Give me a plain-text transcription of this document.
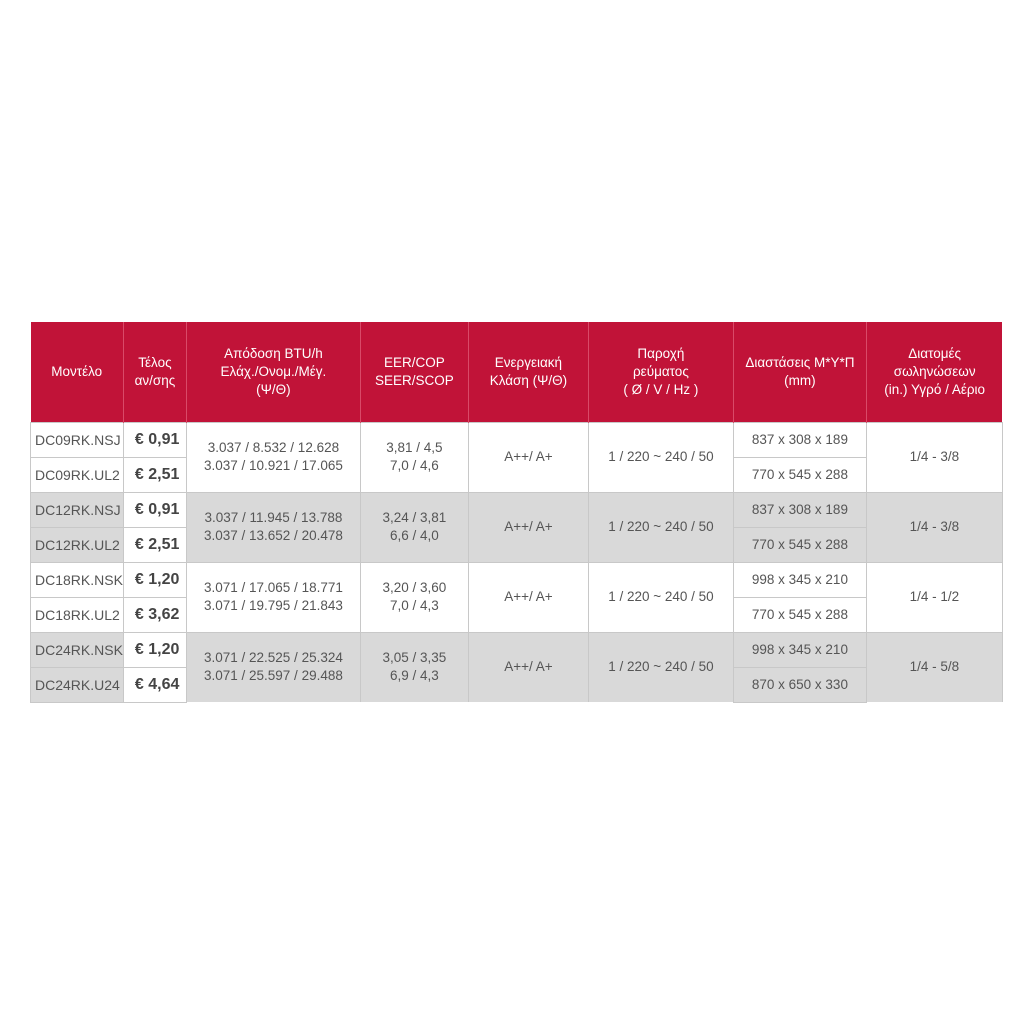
Μοντέλο	Τέλος
αν/σης	Απόδοση BTU/h
Ελάχ./Ονομ./Μέγ.
(Ψ/Θ)	EER/COP
SEER/SCOP	Ενεργειακή
Κλάση (Ψ/Θ)	Παροχή
ρεύματος
( Ø / V / Hz )	Διαστάσεις Μ*Υ*Π
(mm)	Διατομές
σωληνώσεων
(in.) Υγρό / Αέριο
DC09RK.NSJ	€ 0,91	3.037 / 8.532 / 12.628
3.037 / 10.921 / 17.065	3,81 / 4,5
7,0 / 4,6	A++/ A+	1 / 220 ~ 240 / 50	837 x 308 x 189	1/4 - 3/8
DC09RK.UL2	€ 2,51					770 x 545 x 288	
DC12RK.NSJ	€ 0,91	3.037 / 11.945 / 13.788
3.037 / 13.652 / 20.478	3,24 / 3,81
6,6 / 4,0	A++/ A+	1 / 220 ~ 240 / 50	837 x 308 x 189	1/4 - 3/8
DC12RK.UL2	€ 2,51					770 x 545 x 288	
DC18RK.NSK	€ 1,20	3.071 / 17.065 / 18.771
3.071 / 19.795 / 21.843	3,20 / 3,60
7,0 / 4,3	A++/ A+	1 / 220 ~ 240 / 50	998 x 345 x 210	1/4 - 1/2
DC18RK.UL2	€ 3,62					770 x 545 x 288	
DC24RK.NSK	€ 1,20	3.071 / 22.525 / 25.324
3.071 / 25.597 / 29.488	3,05 / 3,35
6,9 / 4,3	A++/ A+	1 / 220 ~ 240 / 50	998 x 345 x 210	1/4 - 5/8
DC24RK.U24	€ 4,64					870 x 650 x 330	
